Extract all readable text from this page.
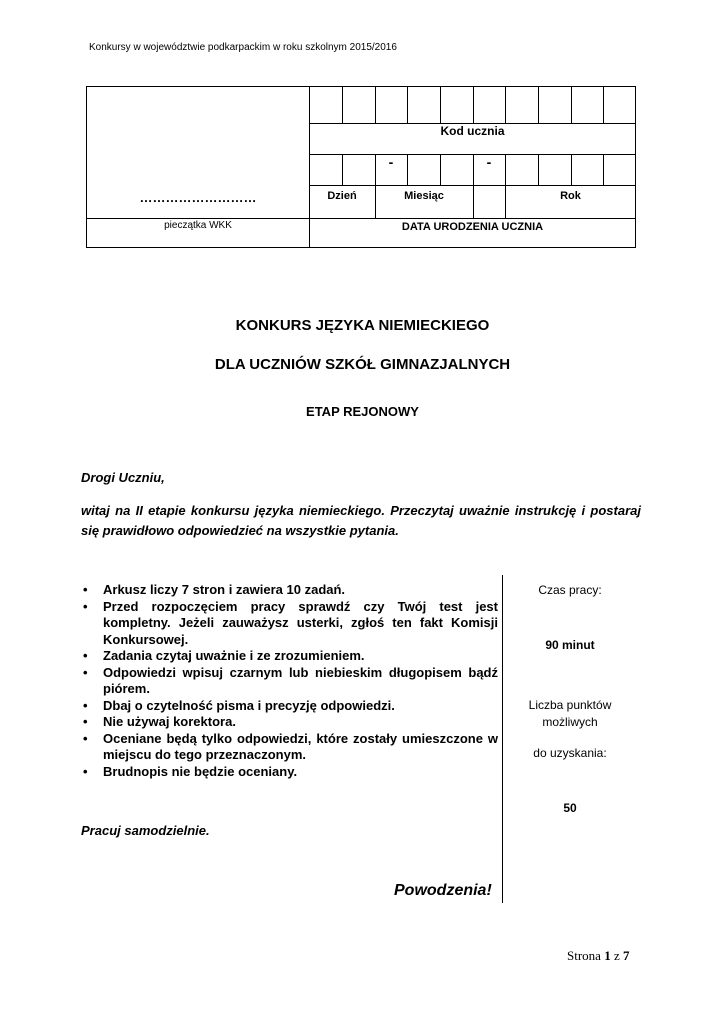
Konkursy w województwie podkarpackim w roku szkolnym 2015/2016
Kod ucznia
-	-
………………………
pieczątka WKK
Dzień	Miesiąc	Rok
DATA URODZENIA UCZNIA
KONKURS JĘZYKA NIEMIECKIEGO
DLA UCZNIÓW SZKÓŁ GIMNAZJALNYCH
ETAP REJONOWY
Drogi Uczniu,
witaj na II etapie konkursu języka niemieckiego. Przeczytaj uważnie instrukcję i postaraj się prawidłowo odpowiedzieć na wszystkie pytania.
• Arkusz liczy 7 stron i zawiera 10 zadań.
• Przed rozpoczęciem pracy sprawdź czy Twój test jest kompletny. Jeżeli zauważysz usterki, zgłoś ten fakt Komisji Konkursowej.
• Zadania czytaj uważnie i ze zrozumieniem.
• Odpowiedzi wpisuj czarnym lub niebieskim długopisem bądź piórem.
• Dbaj o czytelność pisma i precyzję odpowiedzi.
• Nie używaj korektora.
• Oceniane będą tylko odpowiedzi, które zostały umieszczone w miejscu do tego przeznaczonym.
• Brudnopis nie będzie oceniany.
Czas pracy:
90 minut
Liczba punktów możliwych
do uzyskania:
50
Pracuj samodzielnie.
Powodzenia!
Strona 1 z 7
